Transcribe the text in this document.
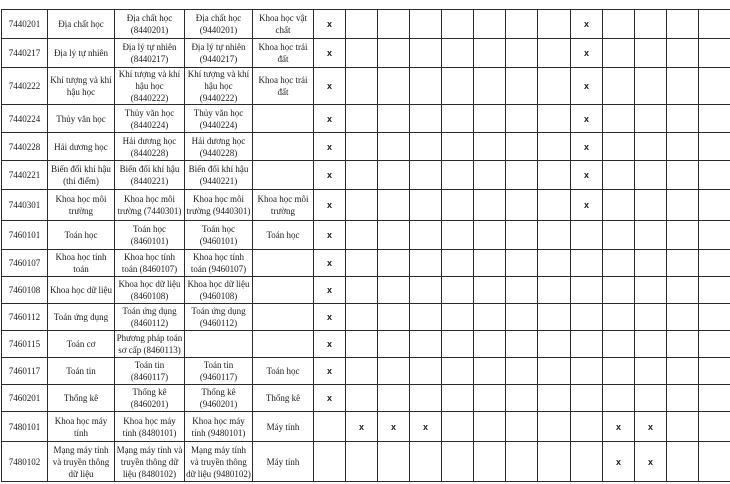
7440201	Địa chất học	Địa chất học (8440201)	Địa chất học (9440201)	Khoa học vật chất	x								x				
7440217	Địa lý tự nhiên	Địa lý tự nhiên (8440217)	Địa lý tự nhiên (9440217)	Khoa học trái đất	x								x				
7440222	Khí tượng và khí hậu học	Khí tượng và khí hậu học (8440222)	Khí tượng và khí hậu học (9440222)	Khoa học trái đất	x								x				
7440224	Thủy văn học	Thủy văn học (8440224)	Thủy văn học (9440224)		x								x				
7440228	Hải dương học	Hải dương học (8440228)	Hải dương học (9440228)		x								x				
7440221	Biến đổi khí hậu (thí điểm)	Biến đổi khí hậu (8440221)	Biến đổi khí hậu (9440221)		x								x				
7440301	Khoa học môi trường	Khoa học môi trường (7440301)	Khoa học môi trường (9440301)	Khoa học môi trường	x								x				
7460101	Toán học	Toán học (8460101)	Toán học (9460101)	Toán học	x												
7460107	Khoa học tính toán	Khoa học tính toán (8460107)	Khoa học tính toán (9460107)		x												
7460108	Khoa học dữ liệu	Khoa học dữ liệu (8460108)	Khoa học dữ liệu (9460108)		x												
7460112	Toán ứng dụng	Toán ứng dụng (8460112)	Toán ứng dụng (9460112)		x												
7460115	Toán cơ	Phương pháp toán sơ cấp (8460113)			x												
7460117	Toán tin	Toán tin (8460117)	Toán tin (9460117)	Toán học	x												
7460201	Thống kê	Thống kê (8460201)	Thống kê (9460201)	Thống kê	x												
7480101	Khoa học máy tính	Khoa học máy tính (8480101)	Khoa học máy tính (9480101)	Máy tính		x	x	x						x	x		
7480102	Mạng máy tính và truyền thông dữ liệu	Mạng máy tính và truyền thông dữ liệu (8480102)	Mạng máy tính và truyền thông dữ liệu (9480102)	Máy tính										x	x		
